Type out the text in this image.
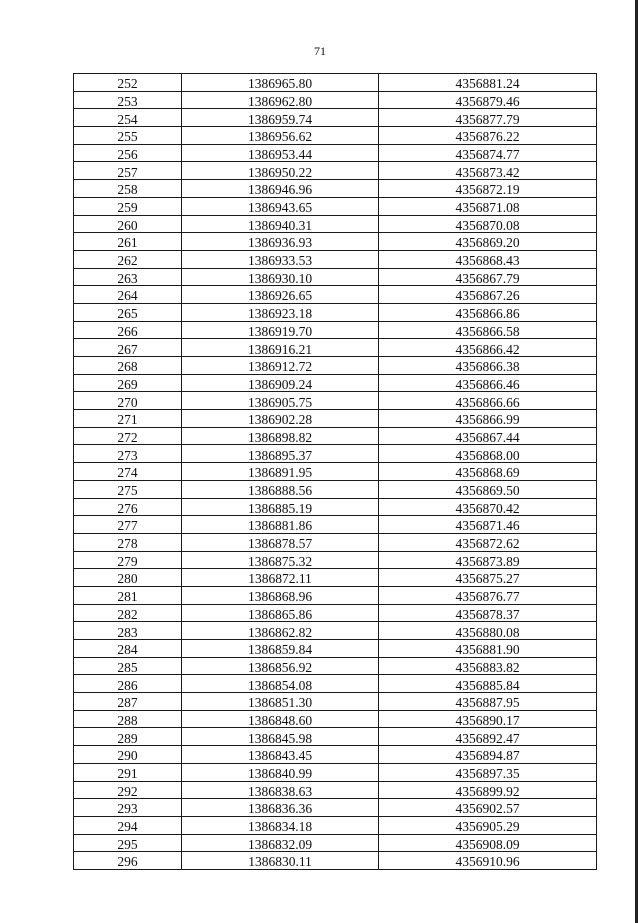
71
252	1386965.80	4356881.24
253	1386962.80	4356879.46
254	1386959.74	4356877.79
255	1386956.62	4356876.22
256	1386953.44	4356874.77
257	1386950.22	4356873.42
258	1386946.96	4356872.19
259	1386943.65	4356871.08
260	1386940.31	4356870.08
261	1386936.93	4356869.20
262	1386933.53	4356868.43
263	1386930.10	4356867.79
264	1386926.65	4356867.26
265	1386923.18	4356866.86
266	1386919.70	4356866.58
267	1386916.21	4356866.42
268	1386912.72	4356866.38
269	1386909.24	4356866.46
270	1386905.75	4356866.66
271	1386902.28	4356866.99
272	1386898.82	4356867.44
273	1386895.37	4356868.00
274	1386891.95	4356868.69
275	1386888.56	4356869.50
276	1386885.19	4356870.42
277	1386881.86	4356871.46
278	1386878.57	4356872.62
279	1386875.32	4356873.89
280	1386872.11	4356875.27
281	1386868.96	4356876.77
282	1386865.86	4356878.37
283	1386862.82	4356880.08
284	1386859.84	4356881.90
285	1386856.92	4356883.82
286	1386854.08	4356885.84
287	1386851.30	4356887.95
288	1386848.60	4356890.17
289	1386845.98	4356892.47
290	1386843.45	4356894.87
291	1386840.99	4356897.35
292	1386838.63	4356899.92
293	1386836.36	4356902.57
294	1386834.18	4356905.29
295	1386832.09	4356908.09
296	1386830.11	4356910.96
